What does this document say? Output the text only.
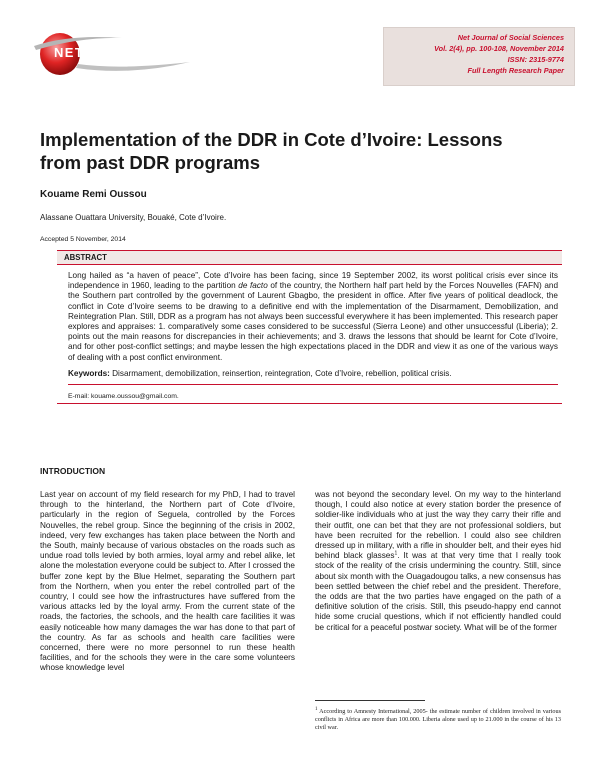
NETJOURNALS
Net Journal of Social Sciences
Vol. 2(4), pp. 100-108, November 2014
ISSN: 2315-9774
Full Length Research Paper
Implementation of the DDR in Cote d’Ivoire: Lessons
from past DDR programs
Kouame Remi Oussou
Alassane Ouattara University, Bouaké, Cote d’Ivoire.
Accepted 5 November, 2014
ABSTRACT
Long hailed as “a haven of peace”, Cote d’Ivoire has been facing, since 19 September 2002, its worst political crisis ever since its independence in 1960, leading to the partition de facto of the country, the Northern half part held by the Forces Nouvelles (FAFN) and the Southern part controlled by the government of Laurent Gbagbo, the president in office. After five years of political deadlock, the conflict in Cote d’Ivoire seems to be drawing to a definitive end with the implementation of the Disarmament, Demobilization, and Reintegration Plan. Still, DDR as a program has not always been successful everywhere it has been implemented. This research paper explores and appraises: 1. comparatively some cases considered to be successful (Sierra Leone) and other unsuccessful (Liberia); 2. points out the main reasons for discrepancies in their achievements; and 3. draws the lessons that should be learnt for Cote d’Ivoire, and for other post-conflict settings; and maybe lessen the high expectations placed in the DDR and view it as one of the various ways of dealing with a post conflict environment.
Keywords: Disarmament, demobilization, reinsertion, reintegration, Cote d’Ivoire, rebellion, political crisis.
E-mail: kouame.oussou@gmail.com.
INTRODUCTION
Last year on account of my field research for my PhD, I had to travel through to the hinterland, the Northern part of Cote d’Ivoire, particularly in the region of Seguela, controlled by the Forces Nouvelles, the rebel group. Since the beginning of the crisis in 2002, indeed, very few exchanges has taken place between the North and the South, mainly because of various obstacles on the roads such as undue road tolls levied by both armies, loyal army and rebel alike, let alone the molestation everyone could be subject to. After I crossed the buffer zone kept by the Blue Helmet, separating the Southern part from the Northern, when you enter the rebel controlled part of the country, I could see how the infrastructures have suffered from the various attacks led by the loyal army. From the current state of the roads, the factories, the schools, and the health care facilities it was easily noticeable how many damages the war has done to that part of the country. As far as schools and health care facilities were concerned, there were no more personnel to run these health facilities, and for the schools they were in the care some volunteers whose knowledge level
was not beyond the secondary level. On my way to the hinterland though, I could also notice at every station border the presence of soldier-like individuals who at just the way they carry their rifle and their outfit, one can bet that they are not professional soldiers, but have been recruited for the rebellion. I could also see children dressed up in military, with a rifle in shoulder belt, and their eyes hid behind black glasses$^1$. It was at that very time that I really took stock of the reality of the crisis undermining the country. Still, since about six month with the Ouagadougou talks, a new consensus has been settled between the chief rebel and the president. Therefore, the odds are that the two parties have engaged on the path of a definitive solution of the crisis. Still, this pseudo-happy end cannot hide some crucial questions, which if not efficiently handled could be critical for a peaceful postwar society. What will be of the former
$^1$ According to Amnesty International, 2005- the estimate number of children involved in various conflicts in Africa are more than 100.000. Liberia alone used up to 21.000 in the course of his 13 civil war.
